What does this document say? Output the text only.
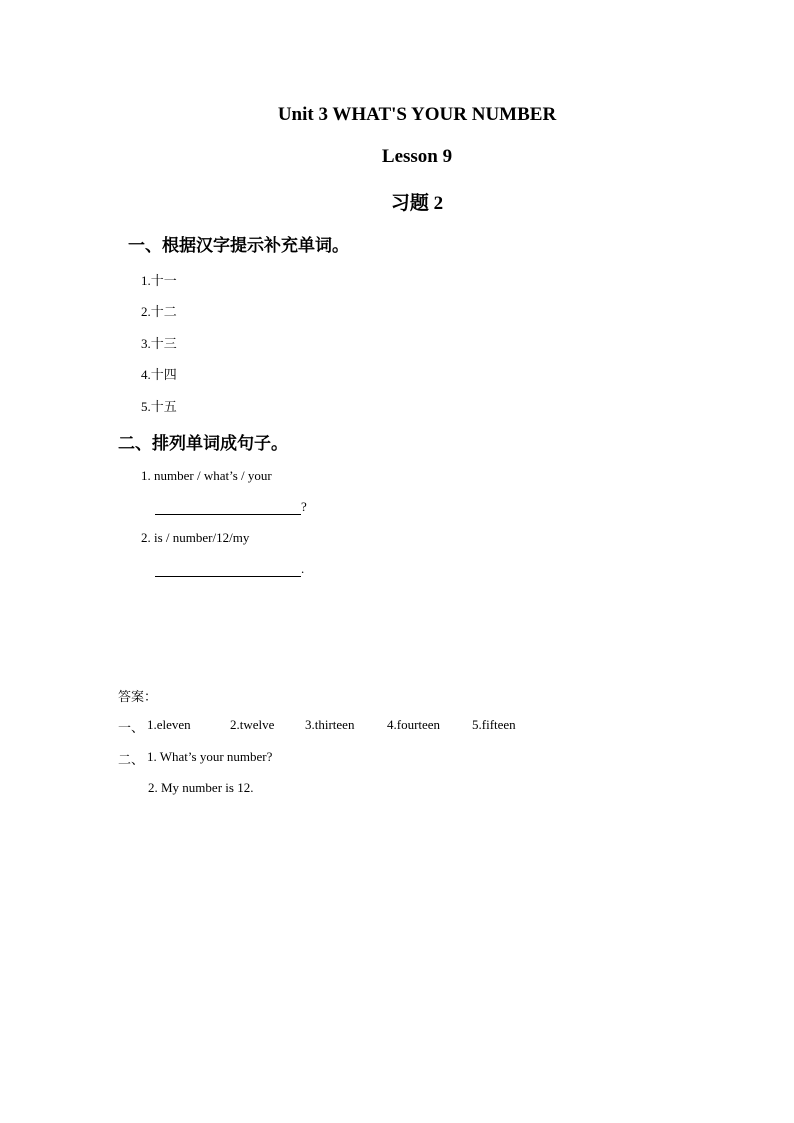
Unit 3 WHAT'S YOUR NUMBER
Lesson 9
习题 2
一、根据汉字提示补充单词。
1.十一
2.十二
3.十三
4.十四
5.十五
二、排列单词成句子。
1. number / what’s / your
?
2. is / number/12/my
.
答案：
一、 1.eleven	2.twelve 3.thirteen	4.fourteen 5.fifteen
二、 1. What’s your number?
2. My number is 12.
